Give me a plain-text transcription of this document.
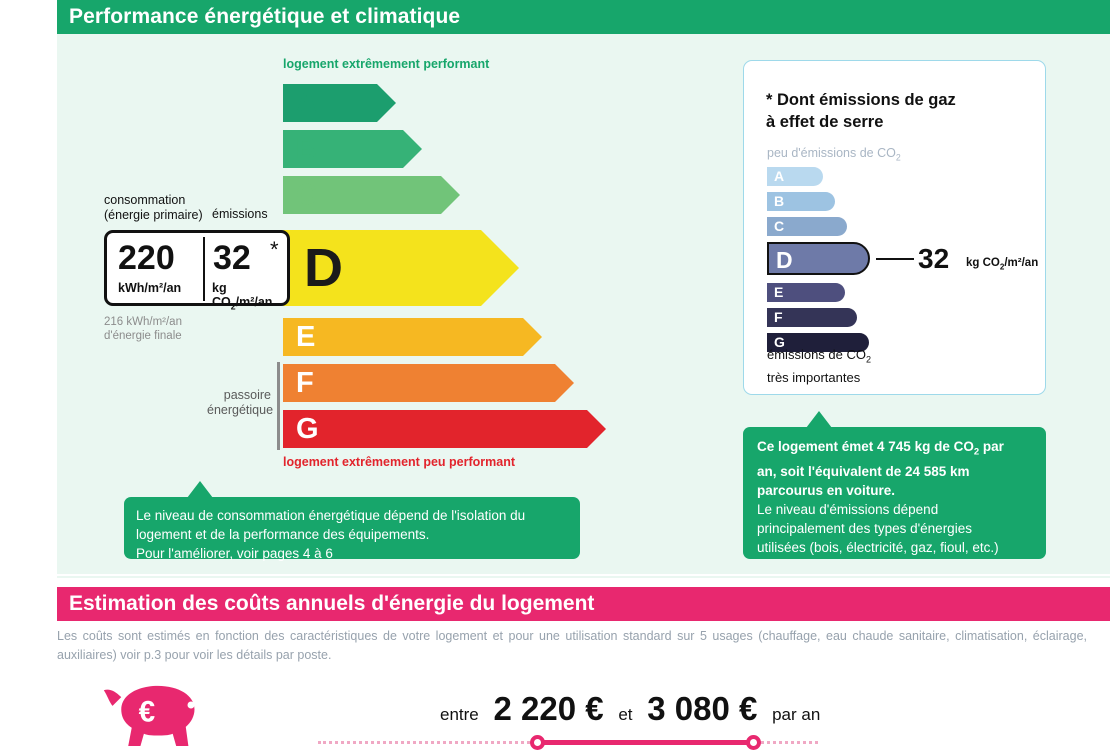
Performance énergétique et climatique
logement extrêmement performant
logement extrêmement peu performant
A
B
C
D
E
F
G
consommation
(énergie primaire) émissions
220
kWh/m²/an
32
kg $CO_2/m^2/an$
*
216 kWh/m²/an
d'énergie finale
passoire
énergétique
Le niveau de consommation énergétique dépend de l'isolation du
logement et de la performance des équipements.
Pour l'améliorer, voir pages 4 à 6
* Dont émissions de gaz
à effet de serre
peu d'émissions de $CO_2$
A
B
C
D
E
F
G
32 kg $CO_2/m^2/an$
émissions de $CO_2$
très importantes
Ce logement émet 4 745 kg de $CO_2$ par
an, soit l'équivalent de 24 585 km
parcourus en voiture.
Le niveau d'émissions dépend
principalement des types d'énergies
utilisées (bois, électricité, gaz, fioul, etc.)
Estimation des coûts annuels d'énergie du logement
Les coûts sont estimés en fonction des caractéristiques de votre logement et pour une utilisation standard sur 5 usages (chauffage, eau chaude sanitaire, climatisation, éclairage, auxiliaires) voir p.3 pour voir les détails par poste.
€	entre 2 220 € et 3 080 € par an
